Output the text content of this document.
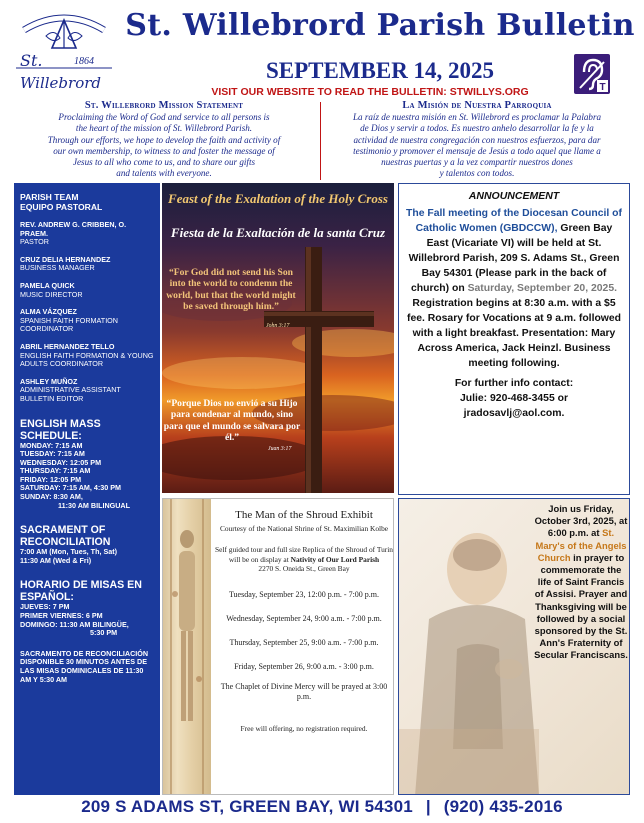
St.	1864
Willebrord
St. Willebrord Parish Bulletin
SEPTEMBER 14, 2025
VISIT OUR WEBSITE TO READ THE BULLETIN: STWILLYS.ORG	T
St. Willebrord Mission Statement

Proclaiming the Word of God and service to all persons is
the heart of the mission of St. Willebrord Parish.
Through our efforts, we hope to develop the faith and activity of
our own membership, to witness to and foster the message of
Jesus to all who come to us, and to share our gifts
and talents with everyone.

La Misión de Nuestra Parroquia

La raíz de nuestra misión en St. Willebrord es proclamar la Palabra
de Dios y servir a todos. Es nuestro anhelo desarrollar la fe y la
actividad de nuestra congregación con nuestros esfuerzos, para dar
testimonio y promover el mensaje de Jesús a todo aquel que llame a
nuestras puertas y a la vez compartir nuestros dones
y talentos con todos.

PARISH TEAM
EQUIPO PASTORAL
REV. ANDREW G. CRIBBEN, O. PRAEM.
PASTOR
CRUZ DELIA HERNANDEZ
BUSINESS MANAGER
PAMELA QUICK
MUSIC DIRECTOR
ALMA VÁZQUEZ
SPANISH FAITH FORMATION COORDINATOR
ABRIL HERNANDEZ TELLO
ENGLISH FAITH FORMATION & YOUNG ADULTS COORDINATOR
ASHLEY MUÑOZ
ADMINISTRATIVE ASSISTANT BULLETIN EDITOR
ENGLISH MASS SCHEDULE:
MONDAY: 7:15 AM
TUESDAY: 7:15 AM
WEDNESDAY: 12:05 PM
THURSDAY: 7:15 AM
FRIDAY: 12:05 PM
SATURDAY: 7:15 AM, 4:30 PM
SUNDAY: 8:30 AM,
11:30 AM BILINGUAL
SACRAMENT OF RECONCILIATION
7:00 AM (Mon, Tues, Th, Sat)
11:30 AM (Wed & Fri)
HORARIO DE MISAS EN ESPAÑOL:
JUEVES: 7 PM
PRIMER VIERNES: 6 PM
DOMINGO: 11:30 AM BILINGÜE,
5:30 PM
SACRAMENTO DE RECONCILIACIÓN DISPONIBLE 30 MINUTOS ANTES DE LAS MISAS DOMINICALES DE 11:30 AM Y 5:30 AM
Feast of the Exaltation of the Holy Cross
Fiesta de la Exaltación de la santa Cruz
“For God did not send his Son into the world to condemn the world, but that the world might be saved through him.”
John 3:17
“Porque Dios no envió a su Hijo para condenar al mundo, sino para que el mundo se salvara por él.”
Juan 3:17
ANNOUNCEMENT
The Fall meeting of the Diocesan Council of Catholic Women (GBDCCW), Green Bay East (Vicariate VI) will be held at St. Willebrord Parish, 209 S. Adams St., Green Bay 54301 (Please park in the back of church) on Saturday, September 20, 2025. Registration begins at 8:30 a.m. with a $5 fee. Rosary for Vocations at 9 a.m. followed with a light breakfast. Presentation: Mary Across America, Jack Heinzl. Business meeting following.
For further info contact:
Julie: 920-468-3455 or
jradosavlj@aol.com.
The Man of the Shroud Exhibit
Courtesy of the National Shrine of St. Maximilian Kolbe
Self guided tour and full size Replica of the Shroud of Turin will be on display at Nativity of Our Lord Parish
2270 S. Oneida St., Green Bay
Tuesday, September 23, 12:00 p.m. - 7:00 p.m.
Wednesday, September 24, 9:00 a.m. - 7:00 p.m.
Thursday, September 25, 9:00 a.m. - 7:00 p.m.
Friday, September 26, 9:00 a.m. - 3:00 p.m.
The Chaplet of Divine Mercy will be prayed at 3:00 p.m.
Free will offering, no registration required.
Join us Friday, October 3rd, 2025, at 6:00 p.m. at St. Mary's of the Angels Church in prayer to commemorate the life of Saint Francis of Assisi. Prayer and Thanksgiving will be followed by a social sponsored by the St. Ann's Fraternity of Secular Franciscans.
209 S ADAMS ST, GREEN BAY, WI 54301 | (920) 435-2016
